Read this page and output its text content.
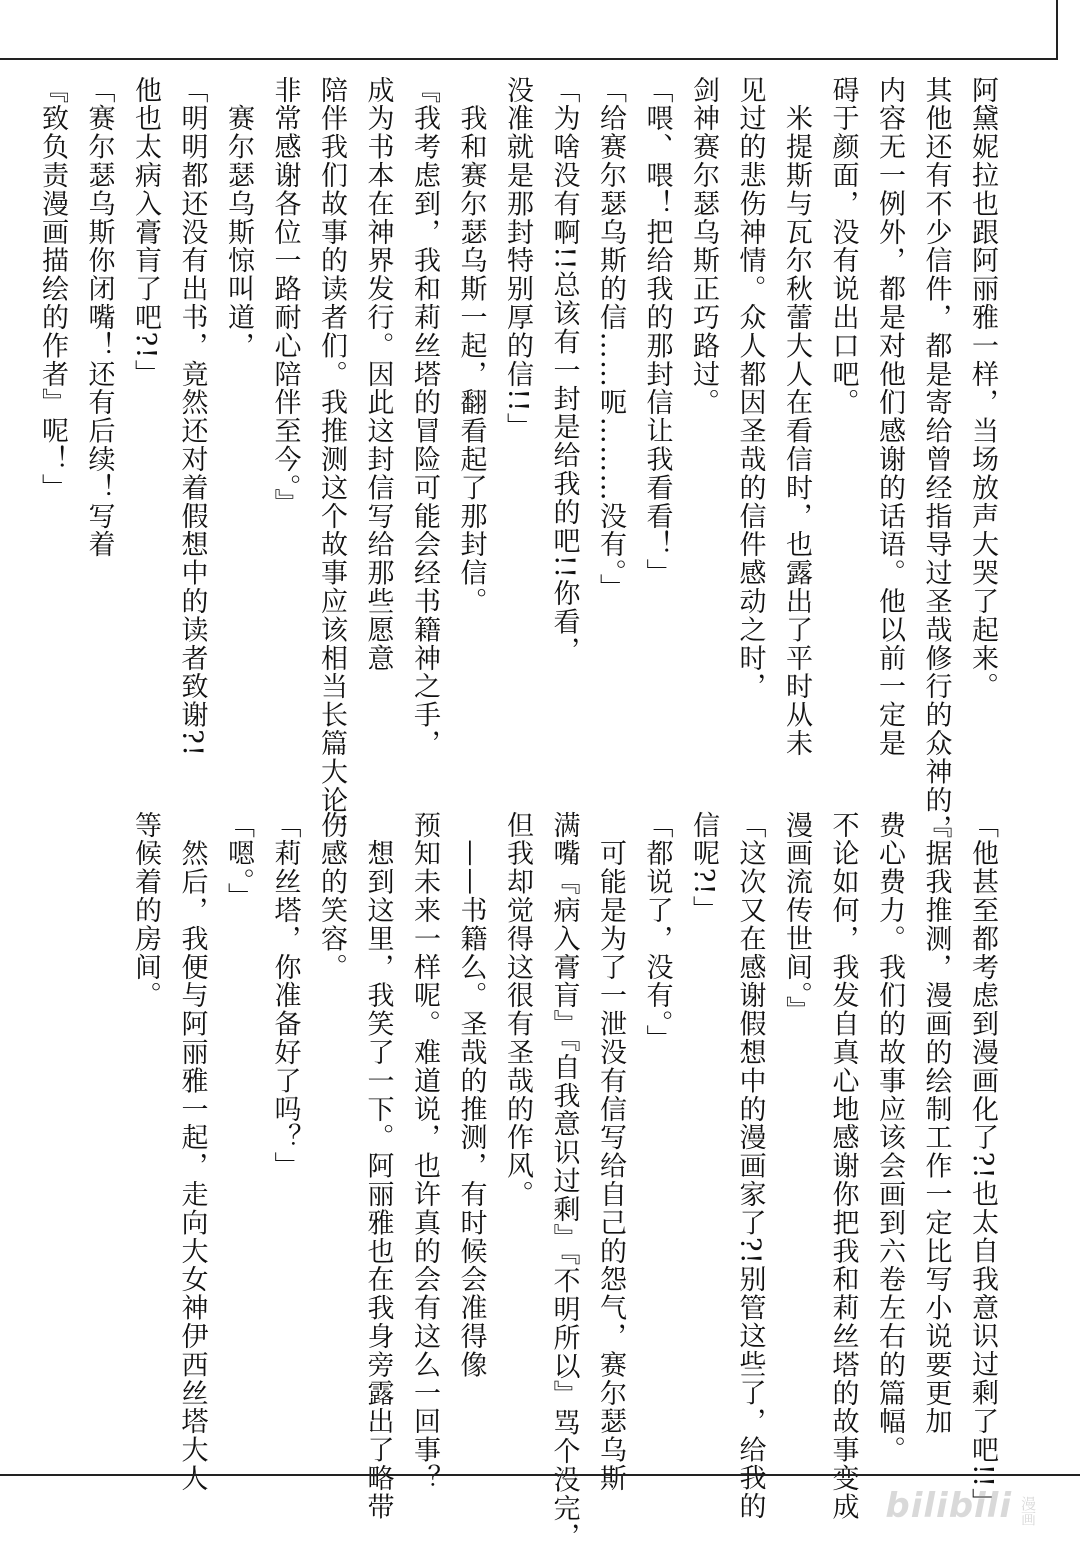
阿黛妮拉也跟阿丽雅一样，当场放声大哭了起来。
其他还有不少信件，都是寄给曾经指导过圣哉修行的众神的，
内容无一例外，都是对他们感谢的话语。他以前一定是
碍于颜面，没有说出口吧。
　米提斯与瓦尔秋蕾大人在看信时，也露出了平时从未
见过的悲伤神情。众人都因圣哉的信件感动之时，
剑神赛尔瑟乌斯正巧路过。
「喂、喂！把给我的那封信让我看看！」
「给赛尔瑟乌斯的信……呃………没有。」
「为啥没有啊!!总该有一封是给我的吧!!你看，
没准就是那封特别厚的信!!」
　我和赛尔瑟乌斯一起，翻看起了那封信。
『我考虑到，我和莉丝塔的冒险可能会经书籍神之手，
成为书本在神界发行。因此这封信写给那些愿意
陪伴我们故事的读者们。我推测这个故事应该相当长篇大论，
非常感谢各位一路耐心陪伴至今。』
　赛尔瑟乌斯惊叫道，
「明明都还没有出书，竟然还对着假想中的读者致谢?!
他也太病入膏肓了吧?!」
「赛尔瑟乌斯你闭嘴！还有后续！写着
『致负责漫画描绘的作者』呢！」
「他甚至都考虑到漫画化了?!也太自我意识过剩了吧!!」
『据我推测，漫画的绘制工作一定比写小说要更加
费心费力。我们的故事应该会画到六卷左右的篇幅。
不论如何，我发自真心地感谢你把我和莉丝塔的故事变成
漫画流传世间。』
「这次又在感谢假想中的漫画家了?!别管这些了，给我的
信呢?!」
「都说了，没有。」
　可能是为了一泄没有信写给自己的怨气，赛尔瑟乌斯
满嘴『病入膏肓』『自我意识过剩』『不明所以』骂个没完，
但我却觉得这很有圣哉的作风。
　——书籍么。圣哉的推测，有时候会准得像
预知未来一样呢。难道说，也许真的会有这么一回事？
　想到这里，我笑了一下。阿丽雅也在我身旁露出了略带
伤感的笑容。
「莉丝塔，你准备好了吗？」
「嗯。」
　然后，我便与阿丽雅一起，走向大女神伊西丝塔大人
等候着的房间。
bilibili 漫画
